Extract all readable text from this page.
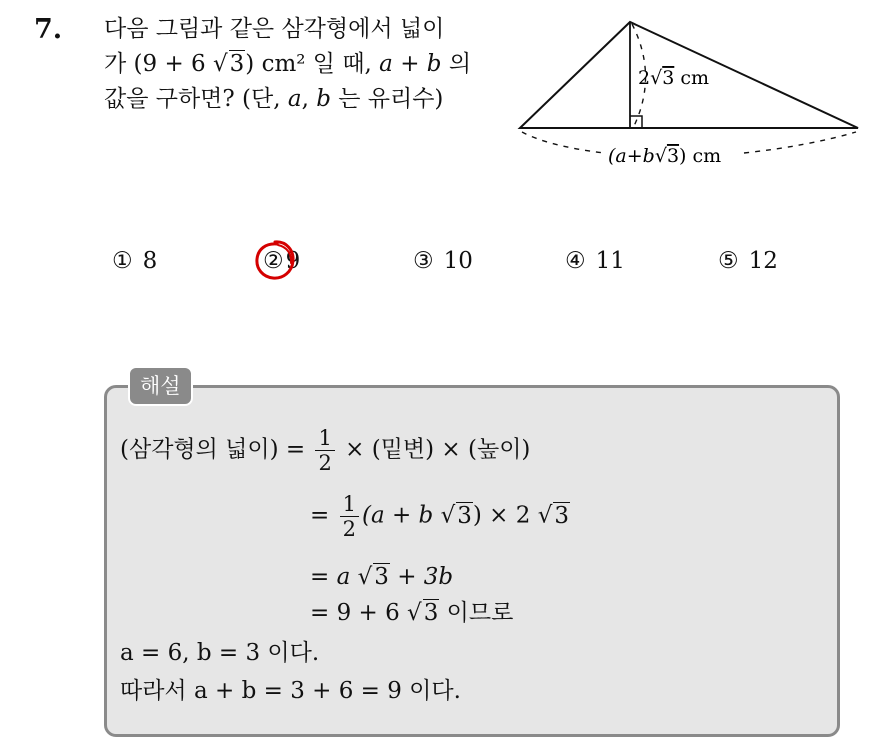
7. 다음 그림과 같은 삼각형에서 넓이
가 (9 + 6 √3) cm² 일 때, a + b 의
값을 구하면? (단, a, b 는 유리수)
2√3 cm
(a+b√3) cm
① 8	②9	③ 10	④ 11	⑤ 12
해설
(삼각형의 넓이) = $\frac{1}{2}$ × (밑변) × (높이)
= $\frac{1}{2} (a + b$ √3) × 2 √3
= a √3 + 3b
= 9 + 6 √3 이므로
a = 6, b = 3 이다.
따라서 a + b = 3 + 6 = 9 이다.
